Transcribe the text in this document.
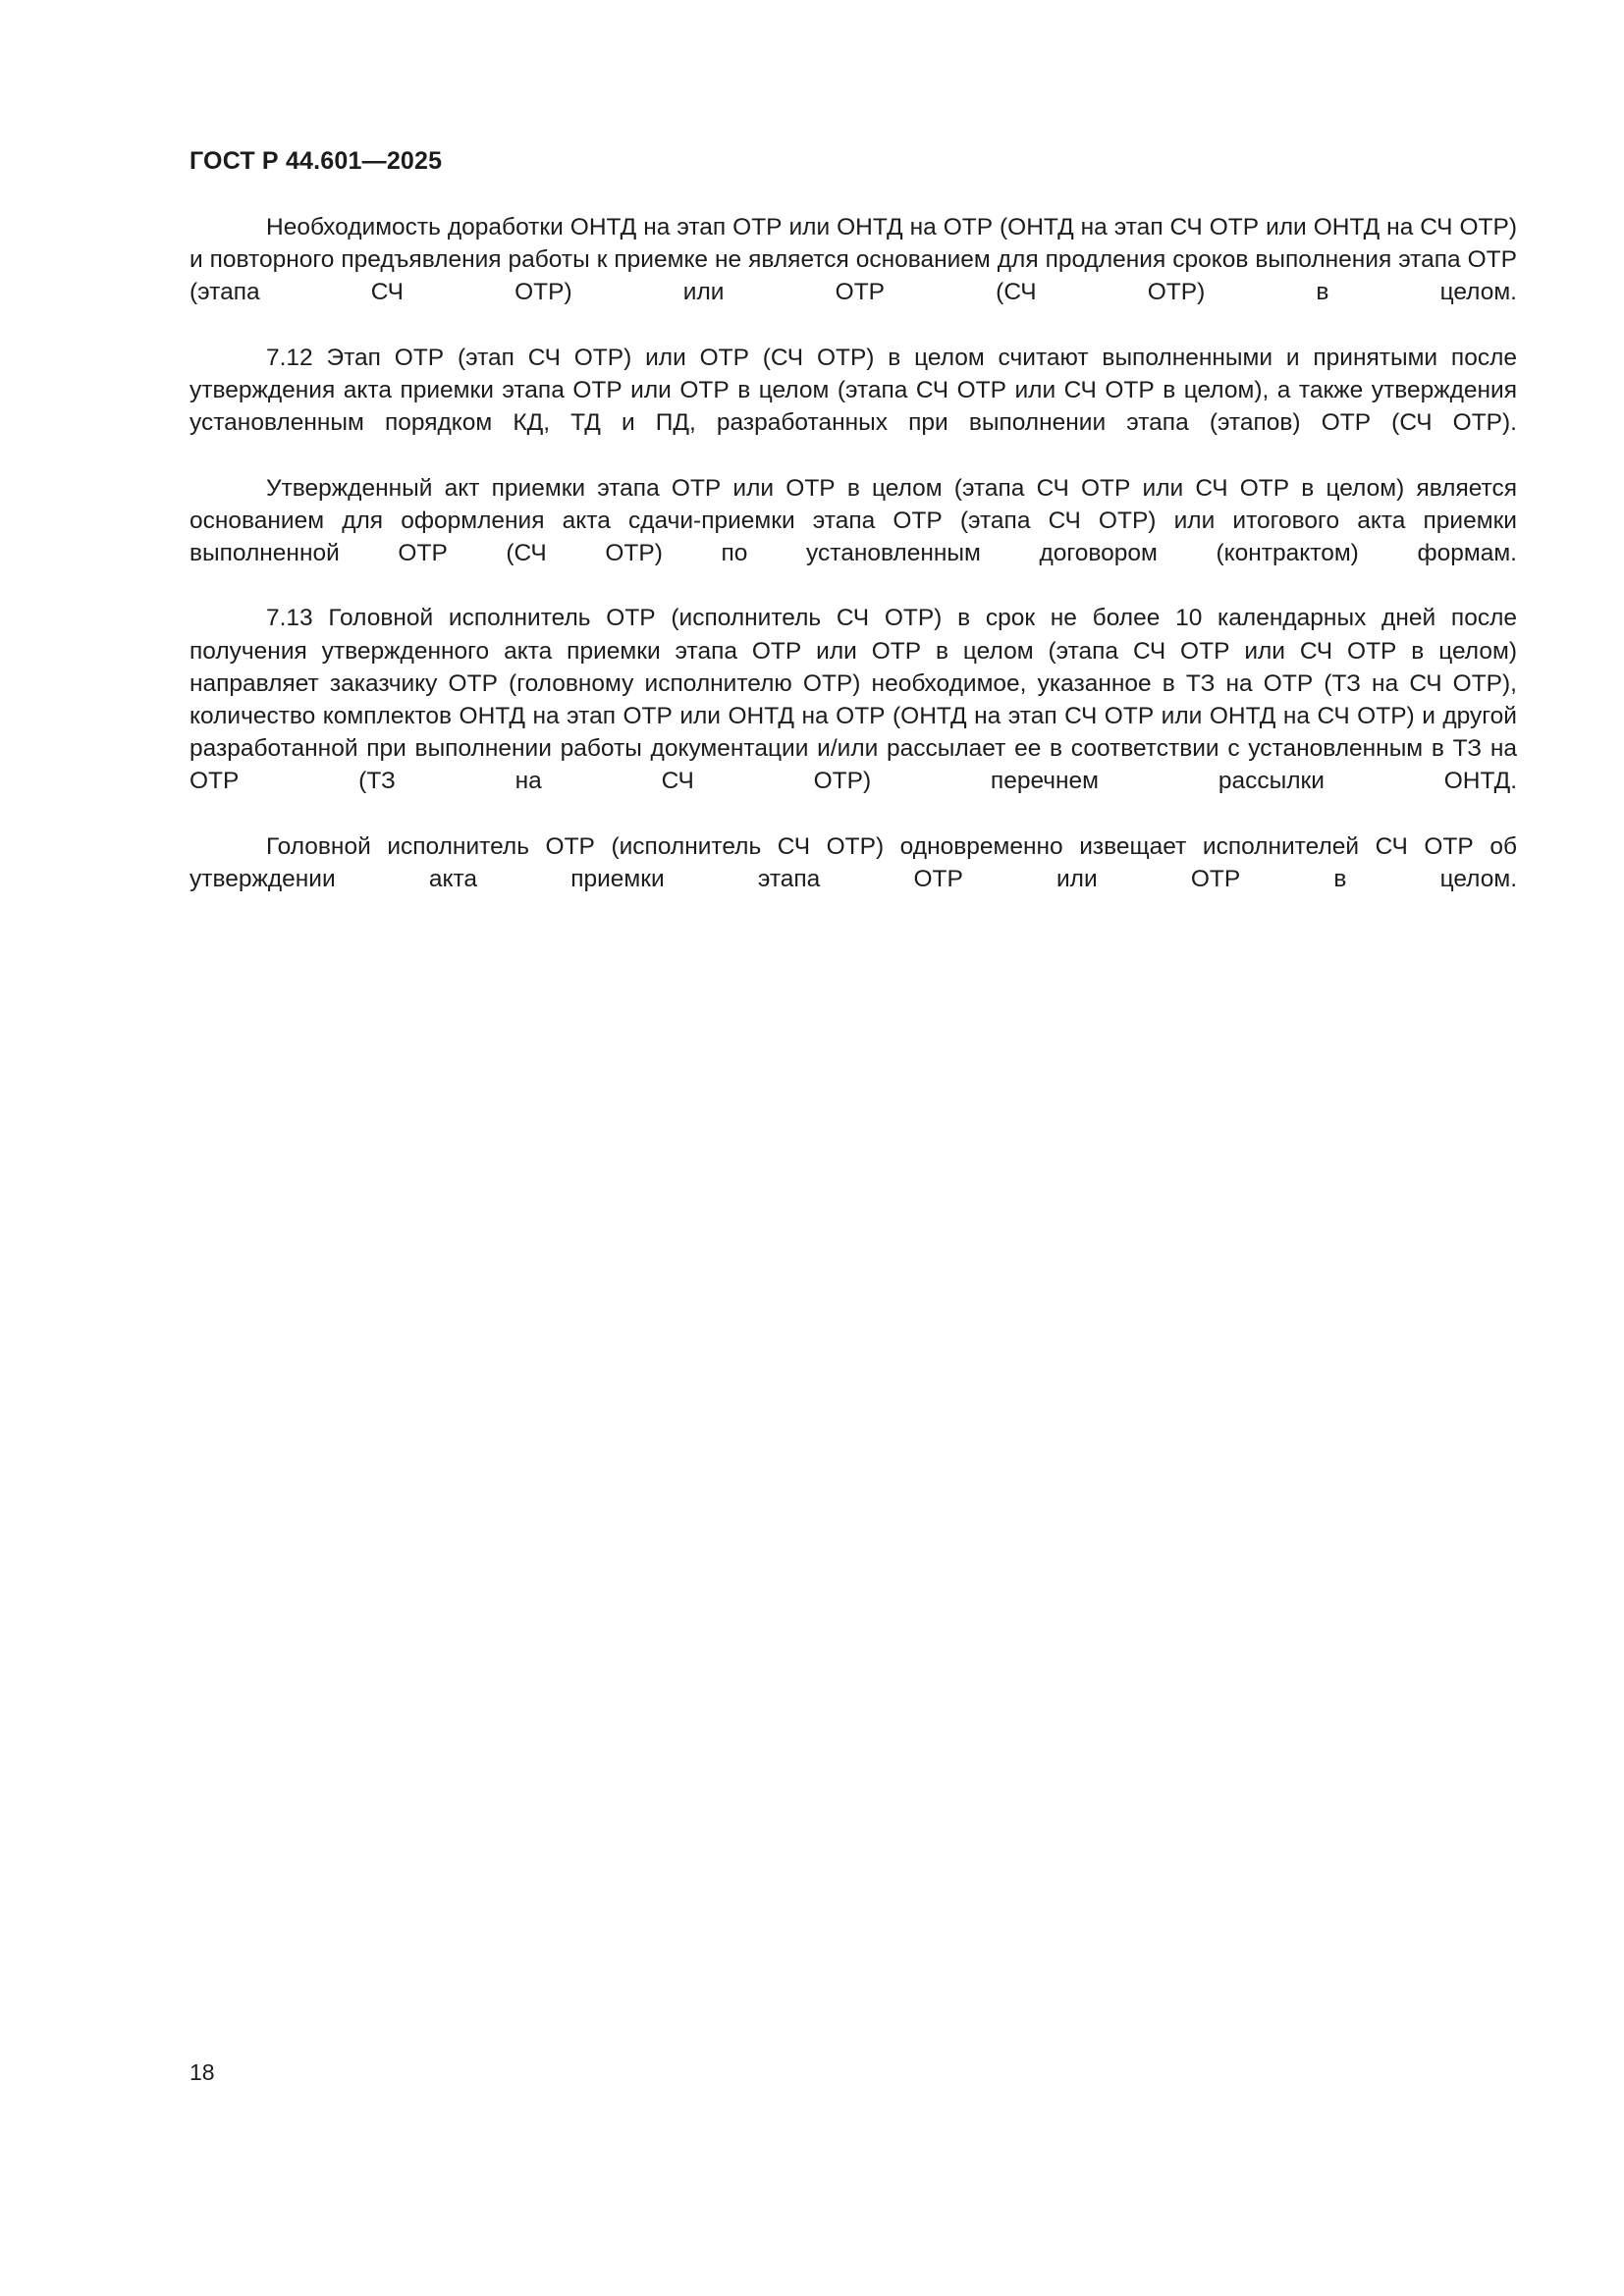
ГОСТ Р 44.601—2025

Необходимость доработки ОНТД на этап ОТР или ОНТД на ОТР (ОНТД на этап СЧ ОТР или ОНТД на СЧ ОТР) и повторного предъявления работы к приемке не является основанием для продления сроков выполнения этапа ОТР (этапа СЧ ОТР) или ОТР (СЧ ОТР) в целом.

7.12 Этап ОТР (этап СЧ ОТР) или ОТР (СЧ ОТР) в целом считают выполненными и принятыми после утверждения акта приемки этапа ОТР или ОТР в целом (этапа СЧ ОТР или СЧ ОТР в целом), а также утверждения установленным порядком КД, ТД и ПД, разработанных при выполнении этапа (этапов) ОТР (СЧ ОТР).

Утвержденный акт приемки этапа ОТР или ОТР в целом (этапа СЧ ОТР или СЧ ОТР в целом) является основанием для оформления акта сдачи-приемки этапа ОТР (этапа СЧ ОТР) или итогового акта приемки выполненной ОТР (СЧ ОТР) по установленным договором (контрактом) формам.

7.13 Головной исполнитель ОТР (исполнитель СЧ ОТР) в срок не более 10 календарных дней после получения утвержденного акта приемки этапа ОТР или ОТР в целом (этапа СЧ ОТР или СЧ ОТР в целом) направляет заказчику ОТР (головному исполнителю ОТР) необходимое, указанное в ТЗ на ОТР (ТЗ на СЧ ОТР), количество комплектов ОНТД на этап ОТР или ОНТД на ОТР (ОНТД на этап СЧ ОТР или ОНТД на СЧ ОТР) и другой разработанной при выполнении работы документации и/или рассылает ее в соответствии с установленным в ТЗ на ОТР (ТЗ на СЧ ОТР) перечнем рассылки ОНТД.

Головной исполнитель ОТР (исполнитель СЧ ОТР) одновременно извещает исполнителей СЧ ОТР об утверждении акта приемки этапа ОТР или ОТР в целом.

18
